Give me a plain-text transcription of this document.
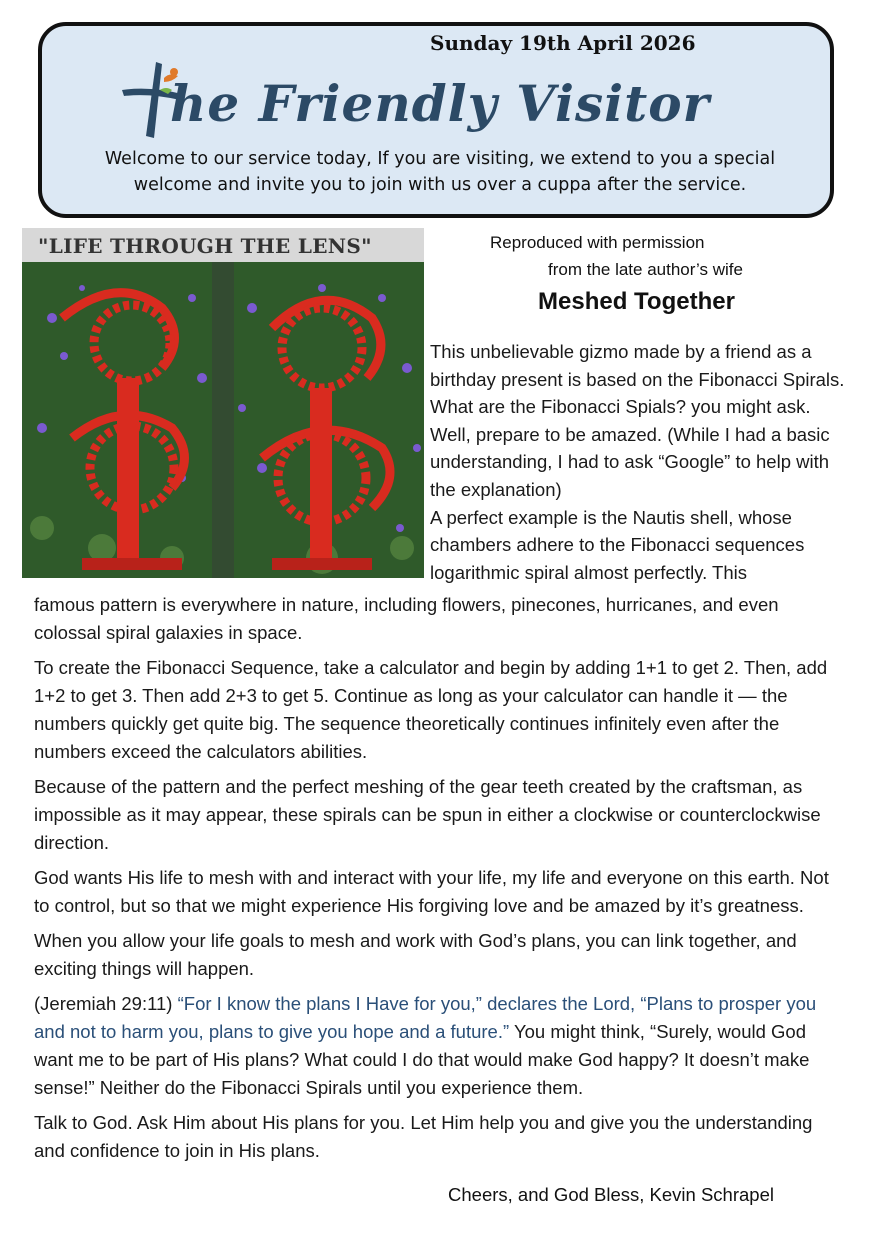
Sunday 19th April 2026
he Friendly Visitor
Welcome to our service today, If you are visiting, we extend to you a special welcome and invite you to join with us over a cuppa after the service.
"LIFE THROUGH THE LENS"	Reproduced with permission
from the late author’s wife
Meshed Together

This unbelievable gizmo made by a friend as a birthday present is based on the Fibonacci Spirals. What are the Fibonacci Spials? you might ask. Well, prepare to be amazed. (While I had a basic understanding, I had to ask “Google” to help with the explanation)

A perfect example is the Nautis shell, whose chambers adhere to the Fibonacci sequences logarithmic spiral almost perfectly. This

famous pattern is everywhere in nature, including flowers, pinecones, hurricanes, and even colossal spiral galaxies in space.

To create the Fibonacci Sequence, take a calculator and begin by adding 1+1 to get 2. Then, add 1+2 to get 3. Then add 2+3 to get 5. Continue as long as your calculator can handle it — the numbers quickly get quite big. The sequence theoretically continues infinitely even after the numbers exceed the calculators abilities.

Because of the pattern and the perfect meshing of the gear teeth created by the craftsman, as impossible as it may appear, these spirals can be spun in either a clockwise or counterclockwise direction.

God wants His life to mesh with and interact with your life, my life and everyone on this earth. Not to control, but so that we might experience His forgiving love and be amazed by it’s greatness.

When you allow your life goals to mesh and work with God’s plans, you can link together, and exciting things will happen.

(Jeremiah 29:11) “For I know the plans I Have for you,” declares the Lord, “Plans to prosper you and not to harm you, plans to give you hope and a future.” You might think, “Surely, would God want me to be part of His plans? What could I do that would make God happy? It doesn’t make sense!” Neither do the Fibonacci Spirals until you experience them.

Talk to God. Ask Him about His plans for you. Let Him help you and give you the understanding and confidence to join in His plans.

Cheers, and God Bless, Kevin Schrapel
